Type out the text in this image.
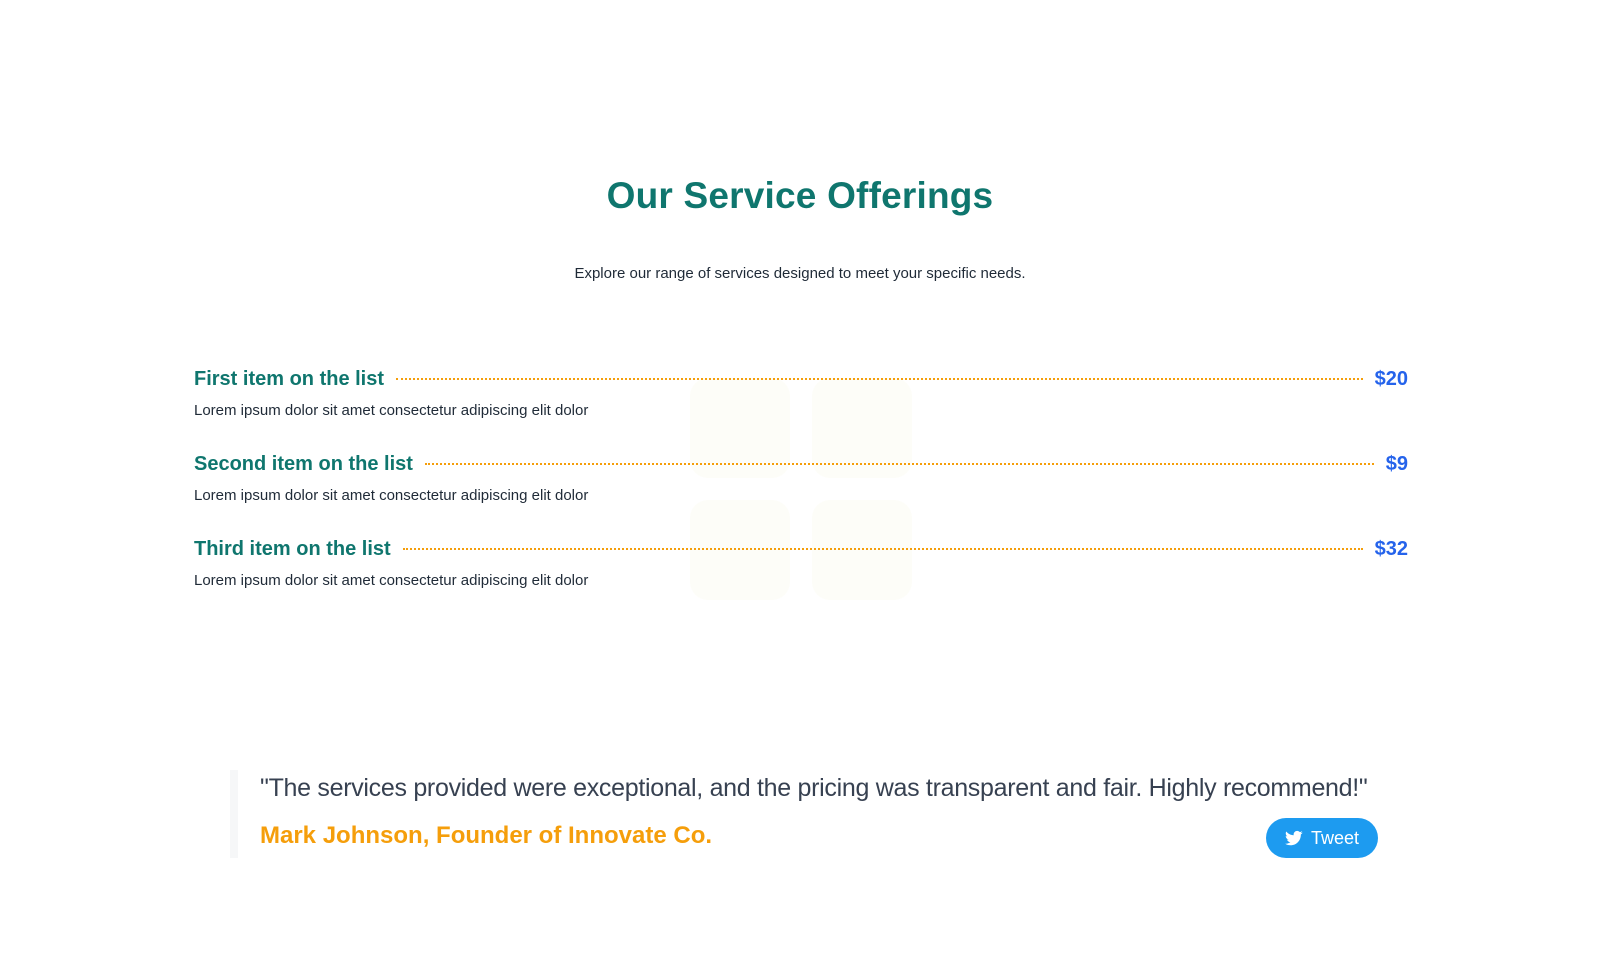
Our Service Offerings

Explore our range of services designed to meet your specific needs.

First item on the list	$20
Lorem ipsum dolor sit amet consectetur adipiscing elit dolor
Second item on the list	$9
Lorem ipsum dolor sit amet consectetur adipiscing elit dolor
Third item on the list	$32
Lorem ipsum dolor sit amet consectetur adipiscing elit dolor

"The services provided were exceptional, and the pricing was transparent and fair. Highly recommend!"

Mark Johnson, Founder of Innovate Co.	Tweet
